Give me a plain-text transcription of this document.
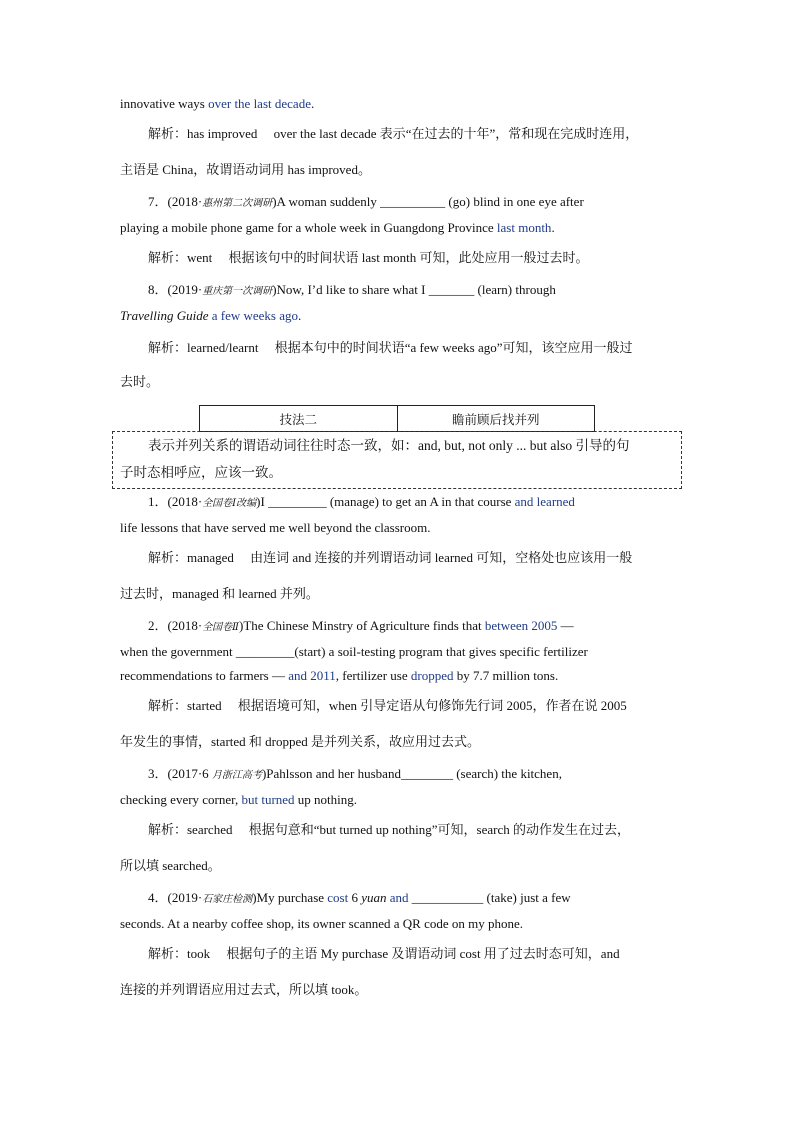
innovative ways over the last decade.
解析：has improved　 over the last decade 表示“在过去的十年”，常和现在完成时连用，
主语是 China，故谓语动词用 has improved。
7．(2018·惠州第二次调研)A woman suddenly __________ (go) blind in one eye after
playing a mobile phone game for a whole week in Guangdong Province last month.
解析：went　 根据该句中的时间状语 last month 可知，此处应用一般过去时。
8．(2019·重庆第一次调研)Now, I’d like to share what I _______ (learn) through
Travelling Guide a few weeks ago.
解析：learned/learnt　 根据本句中的时间状语“a few weeks ago”可知，该空应用一般过
去时。
技法二	瞻前顾后找并列
表示并列关系的谓语动词往往时态一致，如：and, but, not only ... but also 引导的句
子时态相呼应，应该一致。
1．(2018·全国卷Ⅰ改编)I _________ (manage) to get an A in that course and learned
life lessons that have served me well beyond the classroom.
解析：managed　 由连词 and 连接的并列谓语动词 learned 可知，空格处也应该用一般
过去时，managed 和 learned 并列。
2．(2018·全国卷Ⅱ)The Chinese Minstry of Agriculture finds that between 2005 —
when the government _________(start) a soil-testing program that gives specific fertilizer
recommendations to farmers — and 2011, fertilizer use dropped by 7.7 million tons.
解析：started　 根据语境可知，when 引导定语从句修饰先行词 2005，作者在说 2005
年发生的事情，started 和 dropped 是并列关系，故应用过去式。
3．(2017·6 月浙江高考)Pahlsson and her husband________ (search) the kitchen,
checking every corner, but turned up nothing.
解析：searched　 根据句意和“but turned up nothing”可知，search 的动作发生在过去，
所以填 searched。
4．(2019·石家庄检测)My purchase cost 6 yuan and ___________ (take) just a few
seconds. At a nearby coffee shop, its owner scanned a QR code on my phone.
解析：took　 根据句子的主语 My purchase 及谓语动词 cost 用了过去时态可知，and
连接的并列谓语应用过去式，所以填 took。
